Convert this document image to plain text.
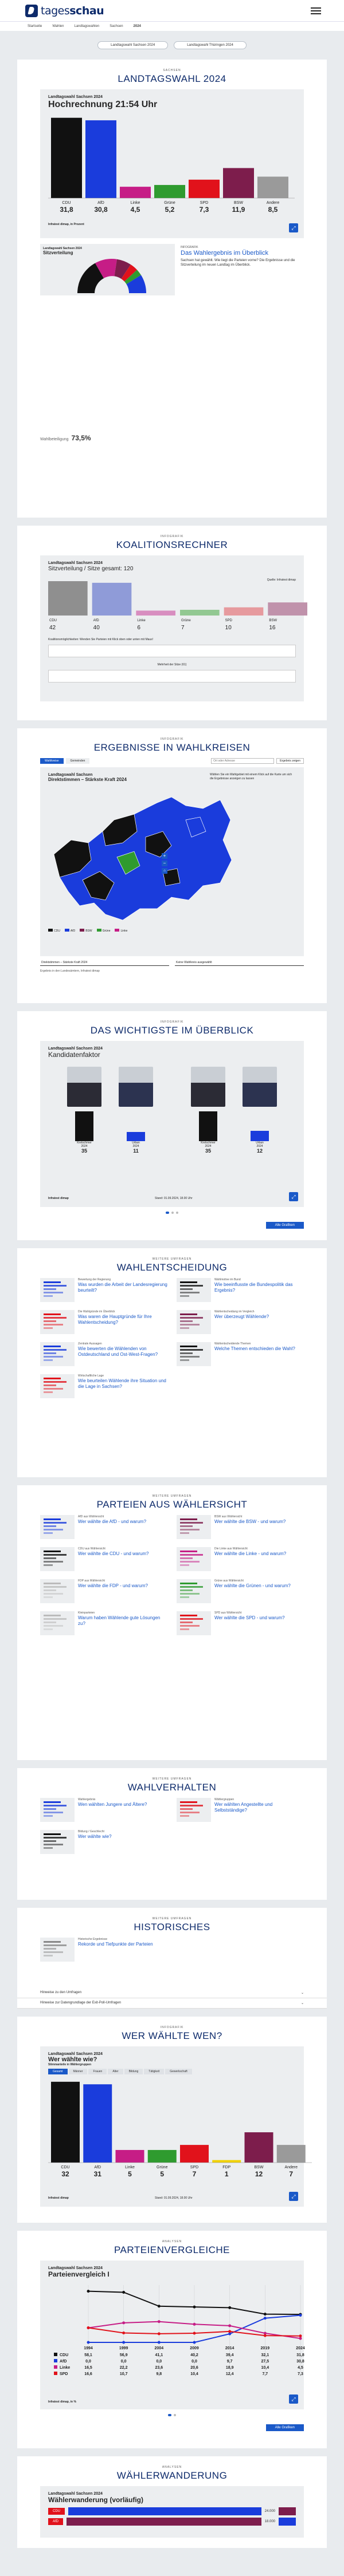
tagesschau
Startseite	Wahlen	Landtagswahlen	Sachsen	2024
Landtagswahl Sachsen 2024	Landtagswahl Thüringen 2024
SACHSEN
LANDTAGSWAHL 2024
Landtagswahl Sachsen 2024
Hochrechnung 21:54 Uhr
CDU
31,8
AfD
30,8
Linke
4,5
Grüne
5,2
SPD
7,3
BSW
11,9
Andere
8,5
Infratest dimap, in Prozent
⤢
Landtagswahl Sachsen 2024
Sitzverteilung
INFOGRAFIK
Das Wahlergebnis im Überblick
Sachsen hat gewählt. Wie liegt die Parteien vorne? Die Ergebnisse und die Sitzverteilung im neuen Landtag im Überblick.
Wahlbeteiligung 73,5%
INFOGRAFIK
KOALITIONSRECHNER
Landtagswahl Sachsen 2024
Sitzverteilung / Sitze gesamt: 120
Quelle: Infratest dimap
CDU
42
AfD
40
Linke
6
Grüne
7
SPD
10
BSW
16
Koalitionsmöglichkeiten: Wenden Sie Parteien mit Klick oben oder unten mit Maus!
Mehrheit der Sitze (61)
INFOGRAFIK
ERGEBNISSE IN WAHLKREISEN
Wahlkreise	Gemeinden
Ort oder Adresse	Ergebnis zeigen
Landtagswahl Sachsen
Direktstimmen – Stärkste Kraft 2024
Wählen Sie ein Wahlgebiet mit einem Klick auf die Karte um sich die Ergebnisse anzeigen zu lassen
+
−
⌂
CDU	AfD	BSW	Grüne	Linke
Direktstimmen – Stärkste Kraft 2024	Keine Wahlkreis ausgewählt
Ergebnis in den Landesämtern, Infratest dimap
INFOGRAFIK
DAS WICHTIGSTE IM ÜBERBLICK
Landtagswahl Sachsen 2024
Kandidatenfaktor
Kretschmer
2024
35
Urban
2024
11
Kretschmer
2024
35
Urban
2024
12
Infratest dimap	Stand: 01.09.2024, 18.00 Uhr	⤢
Alle Grafiken
WEITERE UMFRAGEN
WAHLENTSCHEIDUNG
Bewertung der Regierung
Was wurden die Arbeit der Landesregierung beurteilt?
Wahlmotive im Bund
Wie beeinflusste die Bundespolitik das Ergebnis?
Die Wahlgründe im Überblick
Was waren die Hauptgründe für Ihre Wahlentscheidung?
Wahlentscheidung im Vergleich
Wer überzeugt Wählende?
Zentrale Aussagen
Wie bewerten die Wählenden von Ostdeutschland und Ost-West-Fragen?
Wahlentscheidende Themen
Welche Themen entschieden die Wahl?
Wirtschaftliche Lage
Wie beurteilen Wählende ihre Situation und die Lage in Sachsen?
WEITERE UMFRAGEN
PARTEIEN AUS WÄHLERSICHT
AfD aus Wählersicht
Wer wählte die AfD - und warum?
BSW aus Wählersicht
Wer wählte die BSW - und warum?
CDU aus Wählersicht
Wer wählte die CDU - und warum?
Die Linke aus Wählersicht
Wer wählte die Linke - und warum?
FDP aus Wählersicht
Wer wählte die FDP - und warum?
Grüne aus Wählersicht
Wer wählte die Grünen - und warum?
Kleinparteien
Warum haben Wählende gute Lösungen zu?
SPD aus Wählersicht
Wer wählte die SPD - und warum?
WEITERE UMFRAGEN
WAHLVERHALTEN
Wahlergebnis
Wen wählten Jungere und Ältere?
Wählergruppen
Wer wählten Angestellte und Selbstständige?
Bildung / Geschlecht
Wer wählte wie?
WEITERE UMFRAGEN
HISTORISCHES
Historische Ergebnisse
Rekorde und Tiefpunkte der Parteien
Hinweise zu den Umfragen	⌄
Hinweise zur Datengrundlage der Exit-Poll-Umfragen	⌄
INFOGRAFIK
WER WÄHLTE WEN?
Landtagswahl Sachsen 2024
Wer wählte wie?
Stimmanteile in Wählergruppen
Gesamt	Männer	Frauen	Alter	Bildung	Tätigkeit	Gewerkschaft
CDU
32
AfD
31
Linke
5
Grüne
5
SPD
7
FDP
1
BSW
12
Andere
7
Infratest dimap	Stand: 01.09.2024, 18.00 Uhr	⤢
ANALYSEN
PARTEIENVERGLEICHE
Landtagswahl Sachsen 2024
Parteienvergleich I
1994	1999	2004	2009	2014	2019	2024
CDU	58,1	56,9	41,1	40,2	39,4	32,1	31,8
AfD	0,0	0,0	0,0	0,0	9,7	27,5	30,8
Linke	16,5	22,2	23,6	20,6	18,9	10,4	4,5
SPD	16,6	10,7	9,8	10,4	12,4	7,7	7,3
Infratest dimap, in %	⤢
Alle Grafiken
ANALYSEN
WÄHLERWANDERUNG
Landtagswahl Sachsen 2024
Wählerwanderung (vorläufig)
CDU	24.000
AfD	18.000
